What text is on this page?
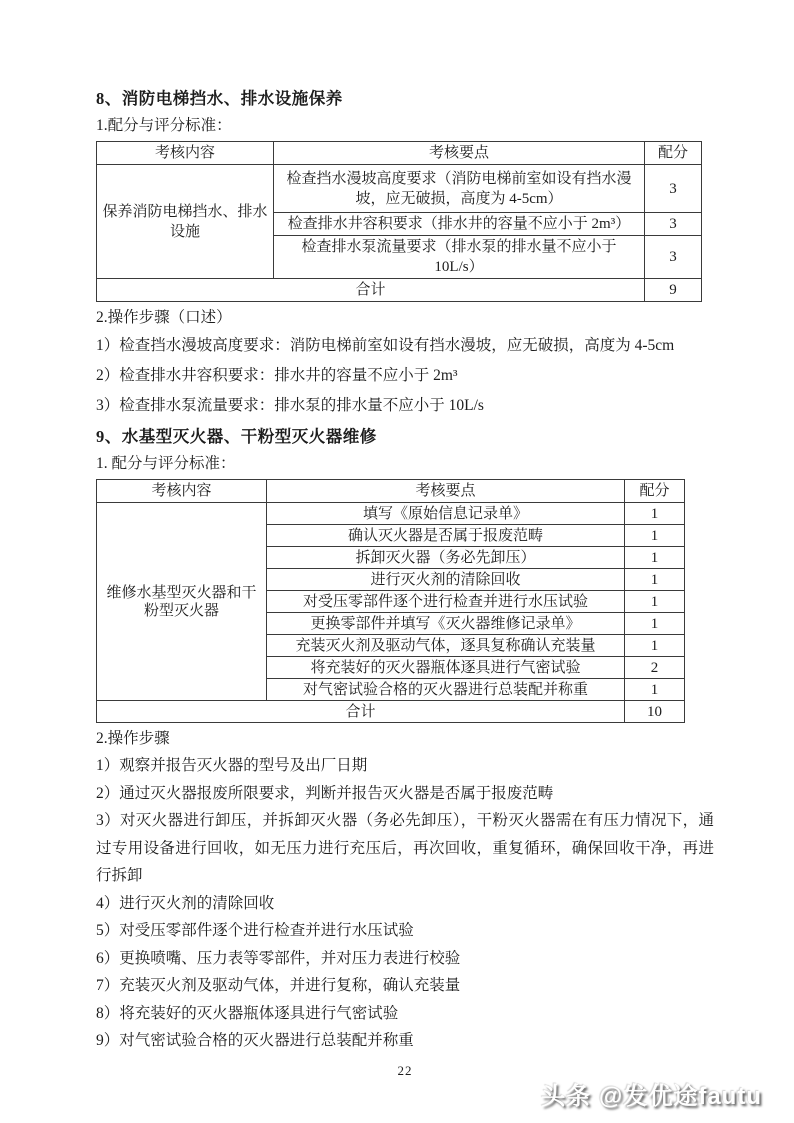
8、消防电梯挡水、排水设施保养

1.配分与评分标准：

考核内容	考核要点	配分
保养消防电梯挡水、排水设施	检查挡水漫坡高度要求（消防电梯前室如设有挡水漫坡，应无破损，高度为 4-5cm）	3
	检查排水井容积要求（排水井的容量不应小于 2m³）	3
	检查排水泵流量要求（排水泵的排水量不应小于 10L/s）	3
合计		9

2.操作步骤（口述）

1）检查挡水漫坡高度要求：消防电梯前室如设有挡水漫坡，应无破损，高度为 4-5cm

2）检查排水井容积要求：排水井的容量不应小于 2m³

3）检查排水泵流量要求：排水泵的排水量不应小于 10L/s

9、水基型灭火器、干粉型灭火器维修

1. 配分与评分标准：

考核内容	考核要点	配分
维修水基型灭火器和干粉型灭火器	填写《原始信息记录单》	1
	确认灭火器是否属于报废范畴	1
	拆卸灭火器（务必先卸压）	1
	进行灭火剂的清除回收	1
	对受压零部件逐个进行检查并进行水压试验	1
	更换零部件并填写《灭火器维修记录单》	1
	充装灭火剂及驱动气体，逐具复称确认充装量	1
	将充装好的灭火器瓶体逐具进行气密试验	2
	对气密试验合格的灭火器进行总装配并称重	1
合计		10

2.操作步骤

1）观察并报告灭火器的型号及出厂日期

2）通过灭火器报废所限要求，判断并报告灭火器是否属于报废范畴

3）对灭火器进行卸压，并拆卸灭火器（务必先卸压），干粉灭火器需在有压力情况下，通过专用设备进行回收，如无压力进行充压后，再次回收，重复循环，确保回收干净，再进行拆卸

4）进行灭火剂的清除回收

5）对受压零部件逐个进行检查并进行水压试验

6）更换喷嘴、压力表等零部件，并对压力表进行校验

7）充装灭火剂及驱动气体，并进行复称，确认充装量

8）将充装好的灭火器瓶体逐具进行气密试验

9）对气密试验合格的灭火器进行总装配并称重

22
头条 @发优途fautu
